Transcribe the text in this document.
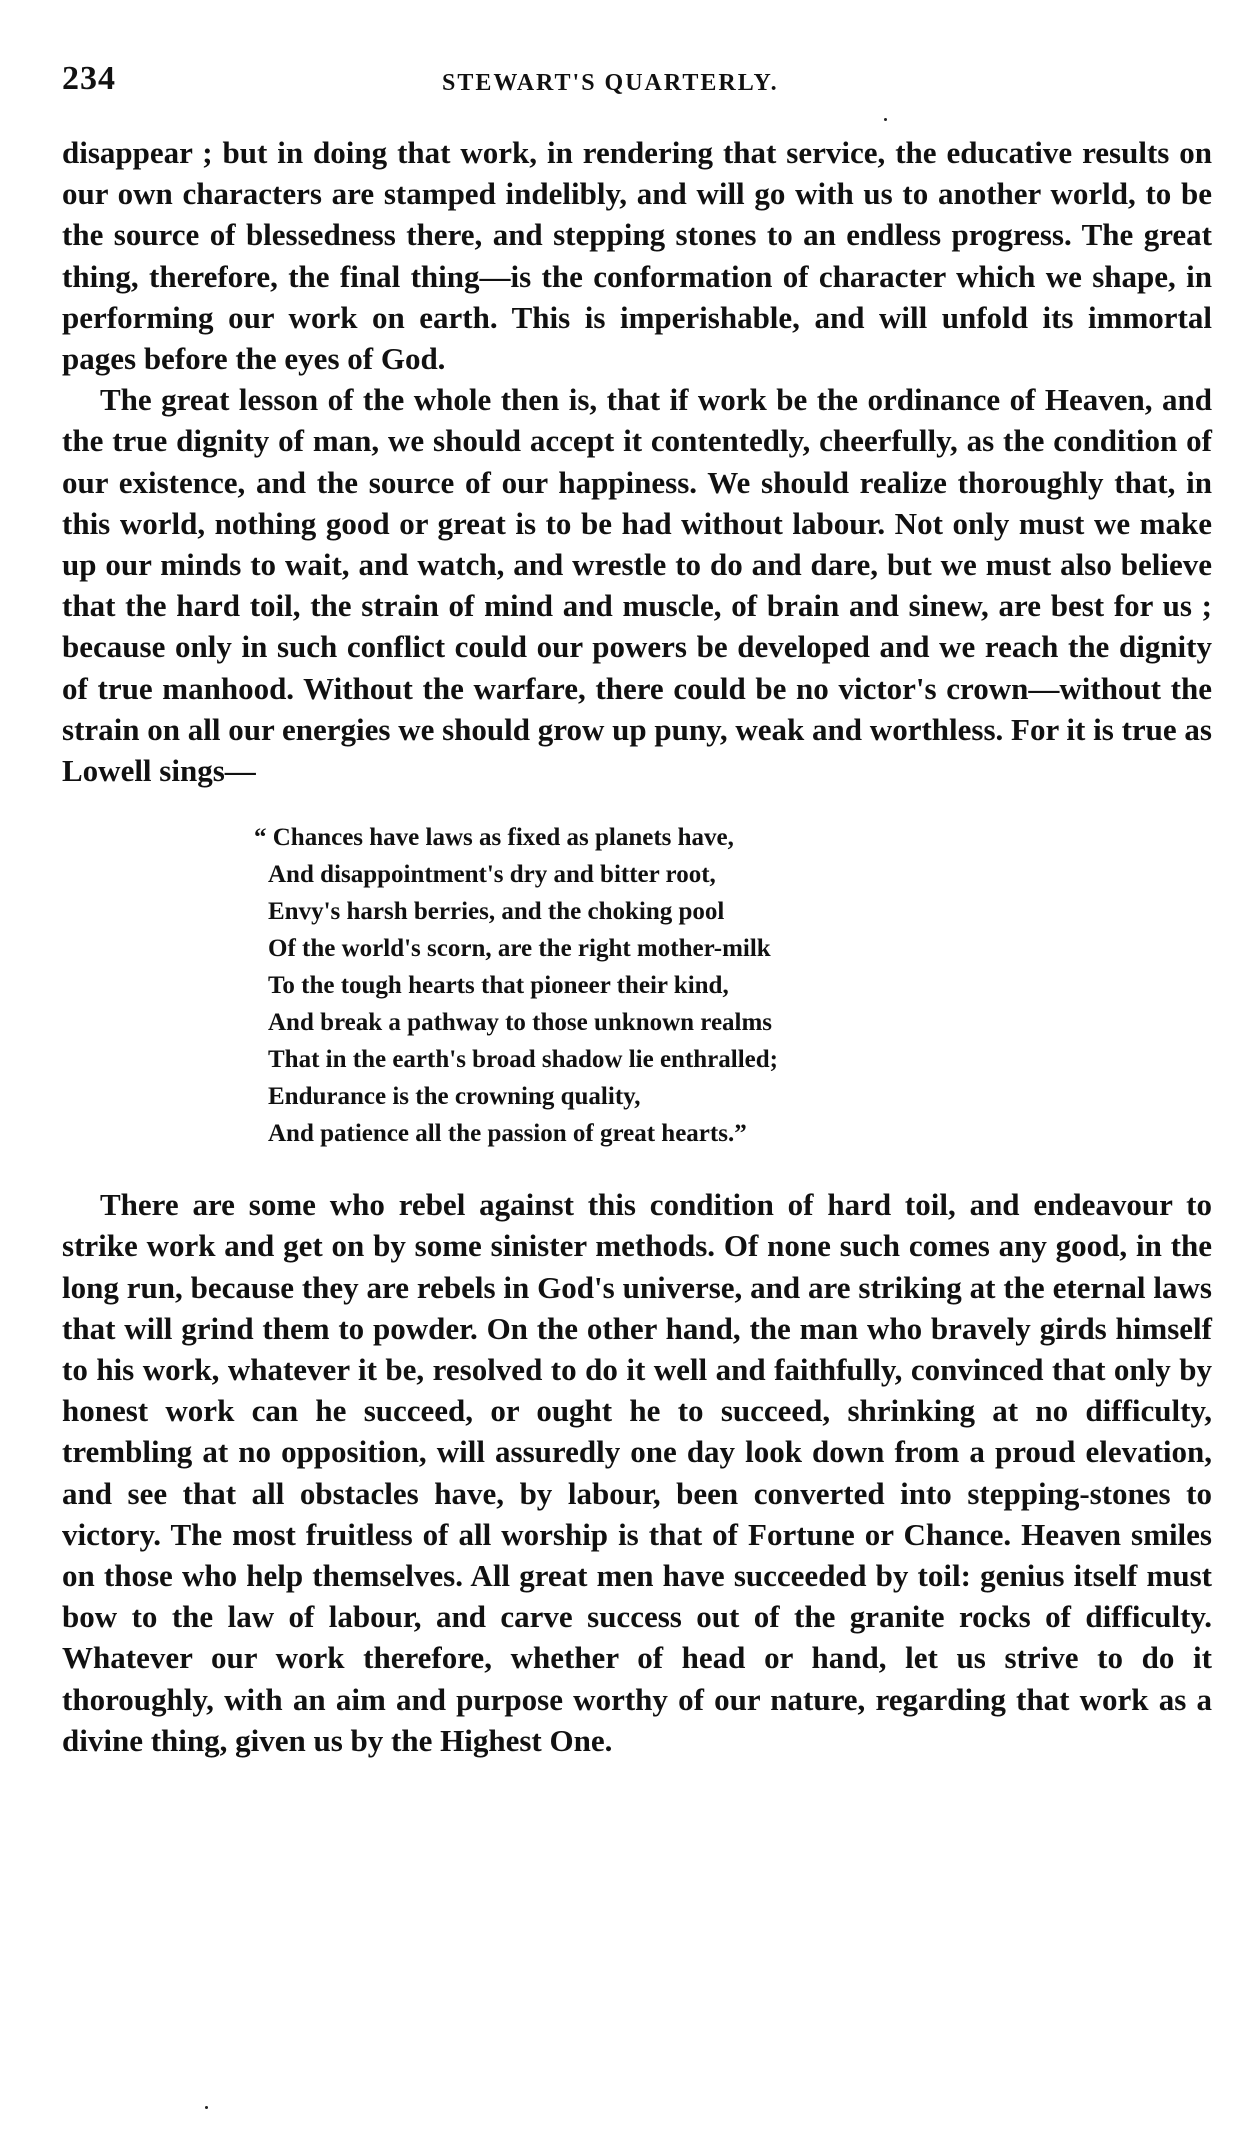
234	STEWART'S QUARTERLY.

disappear ; but in doing that work, in rendering that service, the educative results on our own characters are stamped indelibly, and will go with us to another world, to be the source of blessedness there, and stepping stones to an endless progress. The great thing, therefore, the final thing—is the conformation of character which we shape, in performing our work on earth. This is imperishable, and will unfold its immortal pages before the eyes of God.

The great lesson of the whole then is, that if work be the ordinance of Heaven, and the true dignity of man, we should accept it contentedly, cheerfully, as the condition of our existence, and the source of our happiness. We should realize thoroughly that, in this world, nothing good or great is to be had without labour. Not only must we make up our minds to wait, and watch, and wrestle to do and dare, but we must also believe that the hard toil, the strain of mind and muscle, of brain and sinew, are best for us ; because only in such conflict could our powers be developed and we reach the dignity of true manhood. Without the warfare, there could be no victor's crown—without the strain on all our energies we should grow up puny, weak and worthless. For it is true as Lowell sings—

“ Chances have laws as fixed as planets have,
And disappointment's dry and bitter root,
Envy's harsh berries, and the choking pool
Of the world's scorn, are the right mother-milk
To the tough hearts that pioneer their kind,
And break a pathway to those unknown realms
That in the earth's broad shadow lie enthralled;
Endurance is the crowning quality,
And patience all the passion of great hearts.”

There are some who rebel against this condition of hard toil, and endeavour to strike work and get on by some sinister methods. Of none such comes any good, in the long run, because they are rebels in God's universe, and are striking at the eternal laws that will grind them to powder. On the other hand, the man who bravely girds himself to his work, whatever it be, resolved to do it well and faithfully, convinced that only by honest work can he succeed, or ought he to succeed, shrinking at no difficulty, trembling at no opposition, will assuredly one day look down from a proud elevation, and see that all obstacles have, by labour, been converted into stepping-stones to victory. The most fruitless of all worship is that of Fortune or Chance. Heaven smiles on those who help themselves. All great men have succeeded by toil: genius itself must bow to the law of labour, and carve success out of the granite rocks of difficulty. Whatever our work therefore, whether of head or hand, let us strive to do it thoroughly, with an aim and purpose worthy of our nature, regarding that work as a divine thing, given us by the Highest One.
